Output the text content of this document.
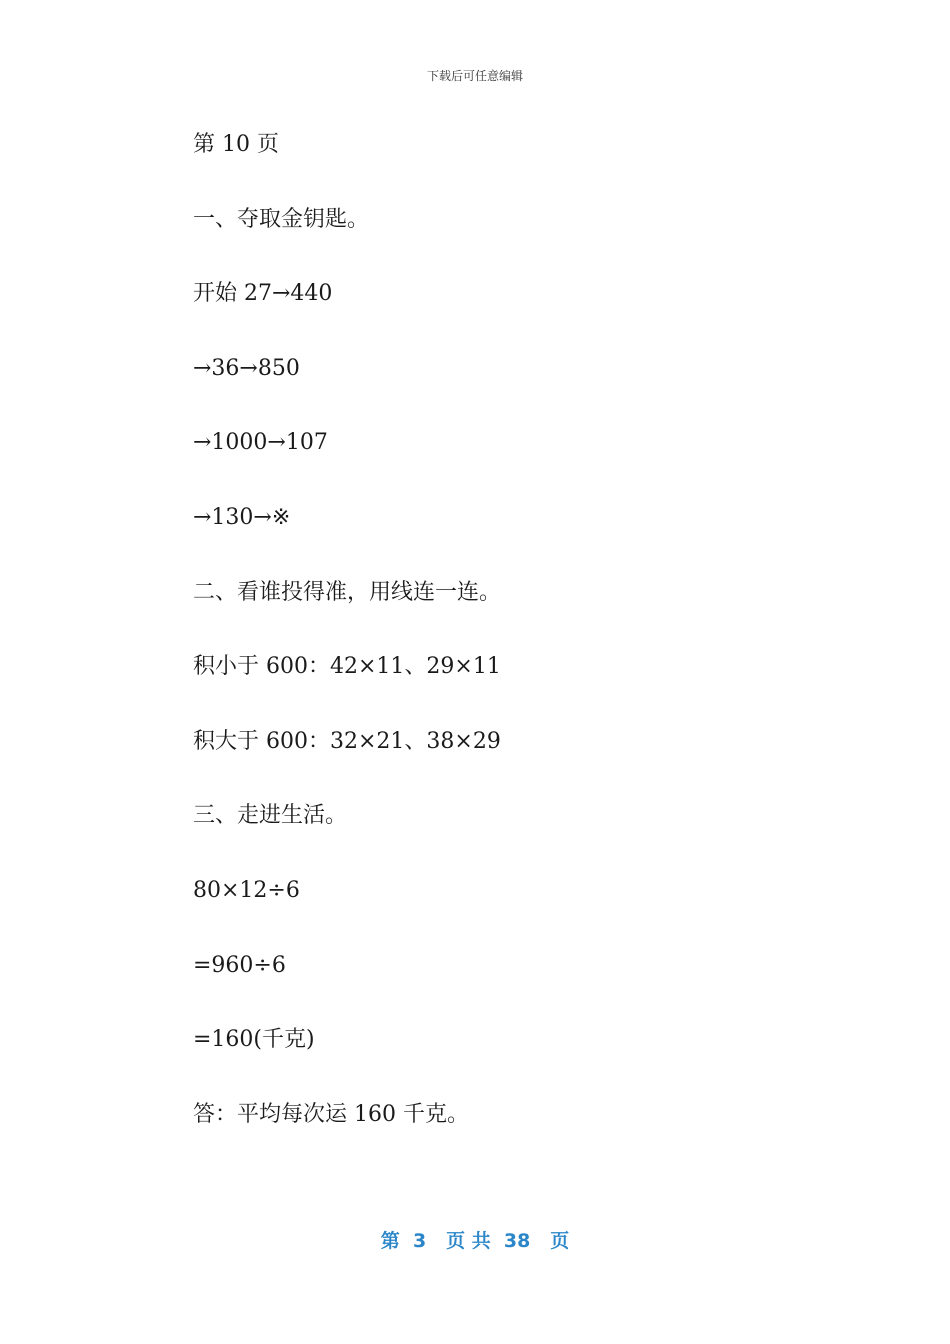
下载后可任意编辑
第 10 页
一、夺取金钥匙。
开始 27→440
→36→850
→1000→107
→130→※
二、看谁投得准，用线连一连。
积小于 600：42×11、29×11
积大于 600：32×21、38×29
三、走进生活。
80×12÷6
=960÷6
=160(千克)
答：平均每次运 160 千克。
第  3   页 共  38   页
